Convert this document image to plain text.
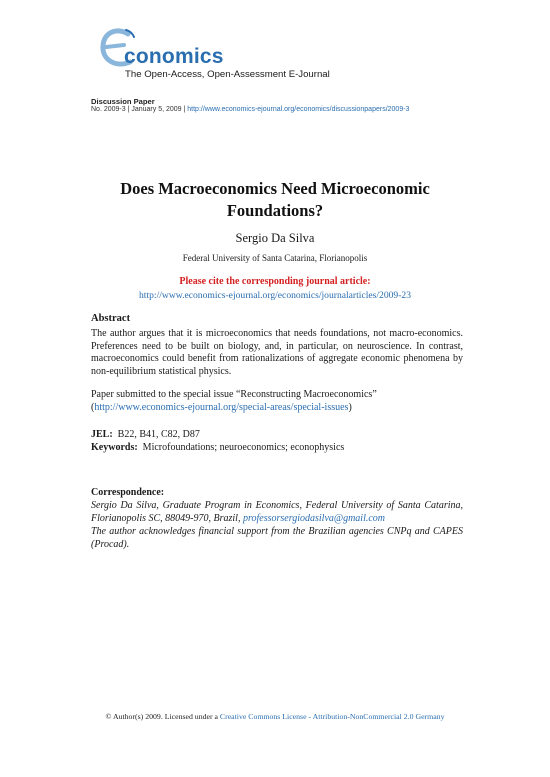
conomics
The Open-Access, Open-Assessment E-Journal
Discussion Paper
No. 2009-3 | January 5, 2009 | http://www.economics-ejournal.org/economics/discussionpapers/2009-3
Does Macroeconomics Need Microeconomic
Foundations?
Sergio Da Silva
Federal University of Santa Catarina, Florianopolis
Please cite the corresponding journal article:
http://www.economics-ejournal.org/economics/journalarticles/2009-23
Abstract
The author argues that it is microeconomics that needs foundations, not macro-economics. Preferences need to be built on biology, and, in particular, on neuroscience. In contrast, macroeconomics could benefit from rationalizations of aggregate economic phenomena by non-equilibrium statistical physics.
Paper submitted to the special issue “Reconstructing Macroeconomics”
(http://www.economics-ejournal.org/special-areas/special-issues)
JEL: B22, B41, C82, D87
Keywords: Microfoundations; neuroeconomics; econophysics
Correspondence:
Sergio Da Silva, Graduate Program in Economics, Federal University of Santa Catarina, Florianopolis SC, 88049-970, Brazil, professorsergiodasilva@gmail.com
The author acknowledges financial support from the Brazilian agencies CNPq and CAPES (Procad).
© Author(s) 2009. Licensed under a Creative Commons License - Attribution-NonCommercial 2.0 Germany
